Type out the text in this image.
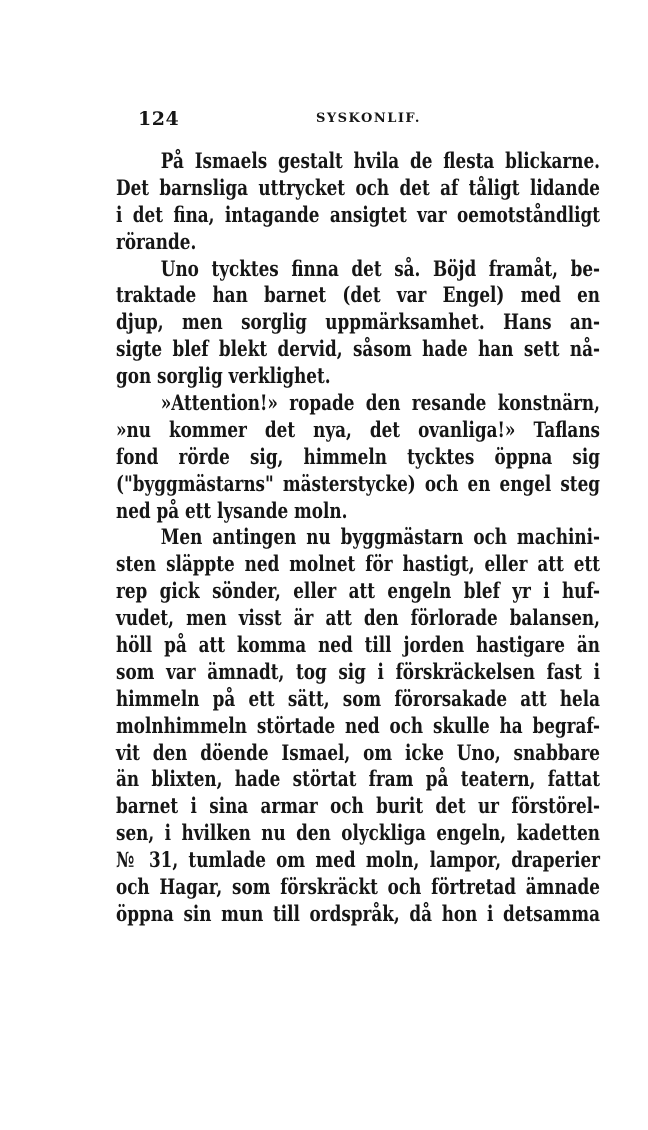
124	SYSKONLIF.
På Ismaels gestalt hvila de flesta blickarne.
Det barnsliga uttrycket och det af tåligt lidande
i det fina, intagande ansigtet var oemotståndligt
rörande.
Uno tycktes finna det så. Böjd framåt, be-
traktade han barnet (det var Engel) med en
djup, men sorglig uppmärksamhet. Hans an-
sigte blef blekt dervid, såsom hade han sett nå-
gon sorglig verklighet.
»Attention!» ropade den resande konstnärn,
»nu kommer det nya, det ovanliga!» Taflans
fond rörde sig, himmeln tycktes öppna sig
("byggmästarns" mästerstycke) och en engel steg
ned på ett lysande moln.
Men antingen nu byggmästarn och machini-
sten släppte ned molnet för hastigt, eller att ett
rep gick sönder, eller att engeln blef yr i huf-
vudet, men visst är att den förlorade balansen,
höll på att komma ned till jorden hastigare än
som var ämnadt, tog sig i förskräckelsen fast i
himmeln på ett sätt, som förorsakade att hela
molnhimmeln störtade ned och skulle ha begraf-
vit den döende Ismael, om icke Uno, snabbare
än blixten, hade störtat fram på teatern, fattat
barnet i sina armar och burit det ur förstörel-
sen, i hvilken nu den olyckliga engeln, kadetten
№ 31, tumlade om med moln, lampor, draperier
och Hagar, som förskräckt och förtretad ämnade
öppna sin mun till ordspråk, då hon i detsamma
